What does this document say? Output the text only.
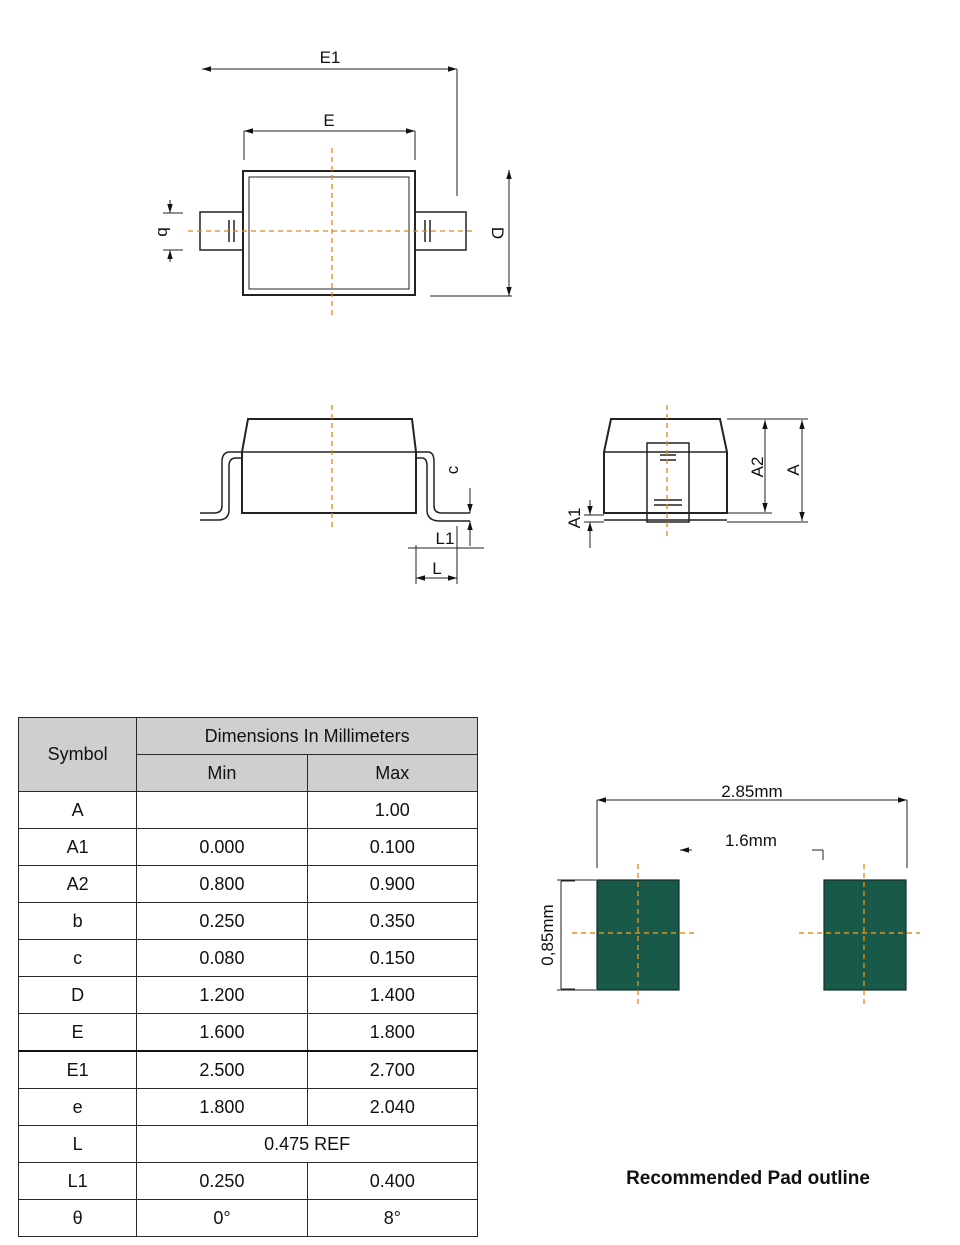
E1
E
b	D
c
L1
L
A1
A2 A
2.85mm
1.6mm
0,85mm
Symbol	Dimensions In Millimeters	
	Min	Max
A		1.00
A1	0.000	0.100
A2	0.800	0.900
b	0.250	0.350
c	0.080	0.150
D	1.200	1.400
E	1.600	1.800
E1	2.500	2.700
e	1.800	2.040
L	0.475 REF	
L1	0.250	0.400
θ	0°	8°
Recommended Pad outline
